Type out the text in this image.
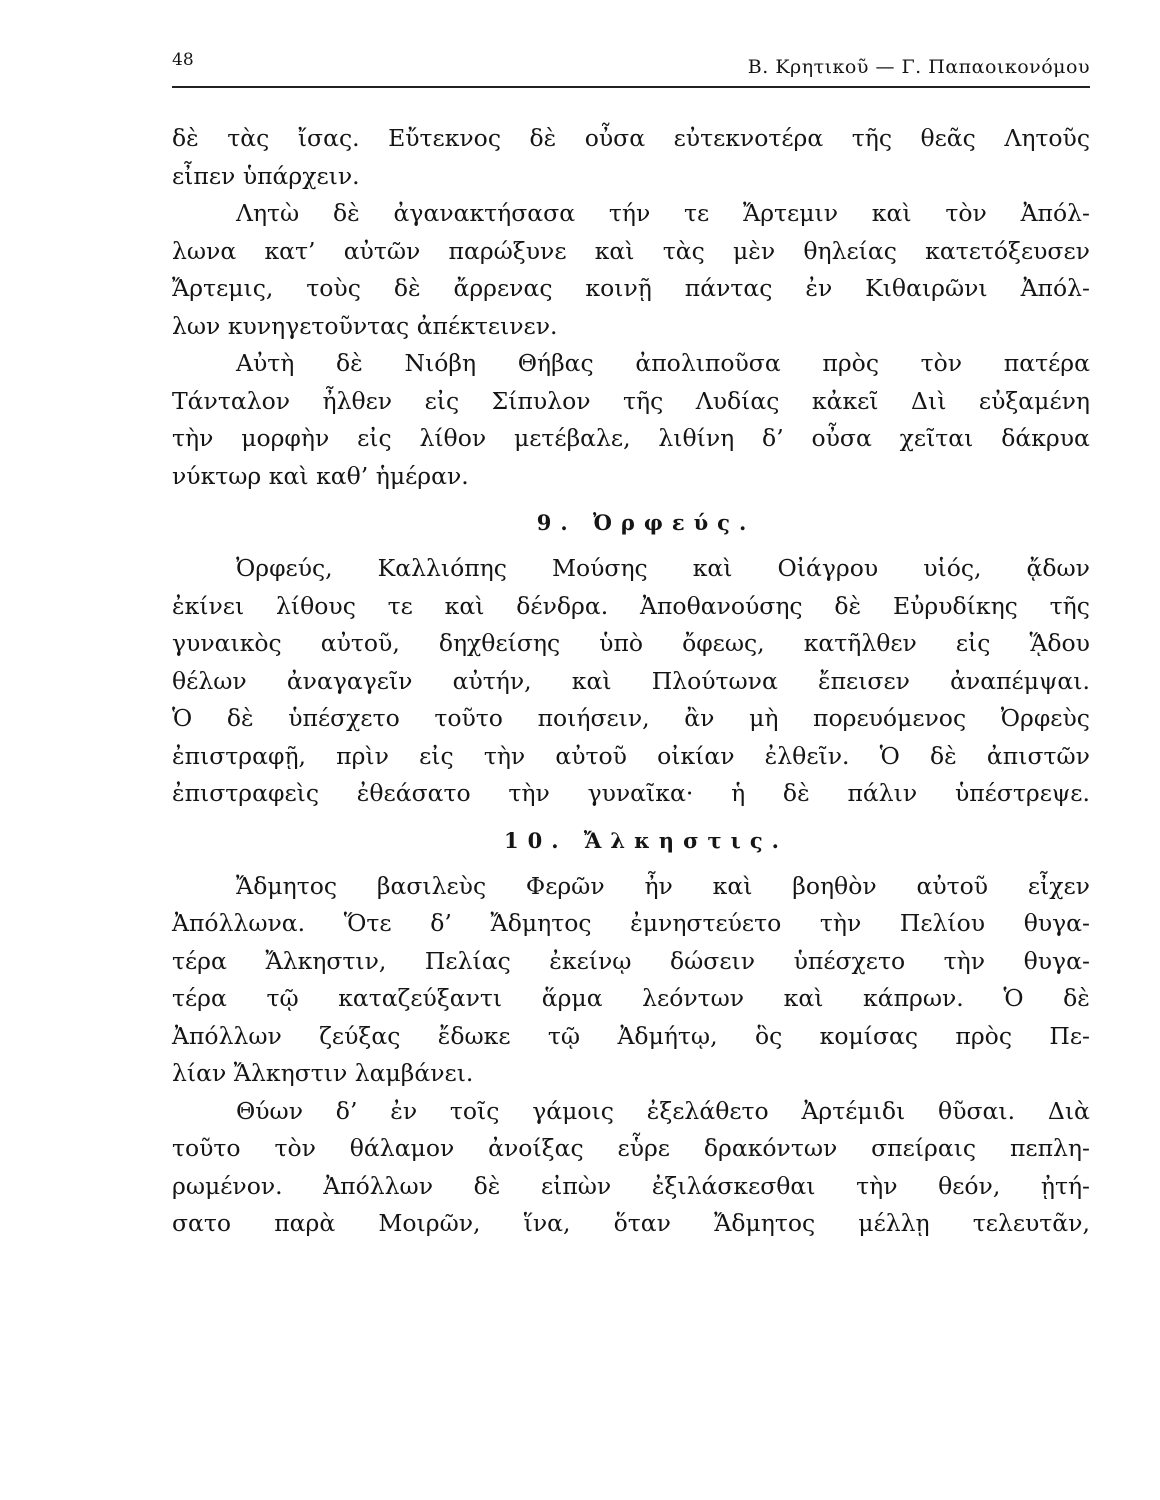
48	Β. Κρητικοῦ — Γ. Παπαοικονόμου
δὲ τὰς ἴσας. Εὔτεκνος δὲ οὖσα εὐτεκνοτέρα τῆς θεᾶς Λητοῦς
εἶπεν ὑπάρχειν.
Λητὼ δὲ ἀγανακτήσασα τήν τε Ἄρτεμιν καὶ τὸν Ἀπόλ-
λωνα κατ’ αὐτῶν παρώξυνε καὶ τὰς μὲν θηλείας κατετόξευσεν
Ἄρτεμις, τοὺς δὲ ἄρρενας κοινῇ πάντας ἐν Κιθαιρῶνι Ἀπόλ-
λων κυνηγετοῦντας ἀπέκτεινεν.
Αὐτὴ δὲ Νιόβη Θήβας ἀπολιποῦσα πρὸς τὸν πατέρα
Τάνταλον ἦλθεν εἰς Σίπυλον τῆς Λυδίας κἀκεῖ Διὶ εὐξαμένη
τὴν μορφὴν εἰς λίθον μετέβαλε, λιθίνη δ’ οὖσα χεῖται δάκρυα
νύκτωρ καὶ καθ’ ἡμέραν.
9. Ὀρφεύς.
Ὀρφεύς, Καλλιόπης Μούσης καὶ Οἰάγρου υἱός, ᾄδων
ἐκίνει λίθους τε καὶ δένδρα. Ἀποθανούσης δὲ Εὐρυδίκης τῆς
γυναικὸς αὐτοῦ, δηχθείσης ὑπὸ ὄφεως, κατῆλθεν εἰς ᾍδου
θέλων ἀναγαγεῖν αὐτήν, καὶ Πλούτωνα ἔπεισεν ἀναπέμψαι.
Ὁ δὲ ὑπέσχετο τοῦτο ποιήσειν, ἂν μὴ πορευόμενος Ὀρφεὺς
ἐπιστραφῇ, πρὶν εἰς τὴν αὐτοῦ οἰκίαν ἐλθεῖν. Ὁ δὲ ἀπιστῶν
ἐπιστραφεὶς ἐθεάσατο τὴν γυναῖκα· ἡ δὲ πάλιν ὑπέστρεψε.
10. Ἄλκηστις.
Ἄδμητος βασιλεὺς Φερῶν ἦν καὶ βοηθὸν αὐτοῦ εἶχεν
Ἀπόλλωνα. Ὅτε δ’ Ἄδμητος ἐμνηστεύετο τὴν Πελίου θυγα-
τέρα Ἄλκηστιν, Πελίας ἐκείνῳ δώσειν ὑπέσχετο τὴν θυγα-
τέρα τῷ καταζεύξαντι ἅρμα λεόντων καὶ κάπρων. Ὁ δὲ
Ἀπόλλων ζεύξας ἔδωκε τῷ Ἀδμήτῳ, ὃς κομίσας πρὸς Πε-
λίαν Ἄλκηστιν λαμβάνει.
Θύων δ’ ἐν τοῖς γάμοις ἐξελάθετο Ἀρτέμιδι θῦσαι. Διὰ
τοῦτο τὸν θάλαμον ἀνοίξας εὗρε δρακόντων σπείραις πεπλη-
ρωμένον. Ἀπόλλων δὲ εἰπὼν ἐξιλάσκεσθαι τὴν θεόν, ᾐτή-
σατο παρὰ Μοιρῶν, ἵνα, ὅταν Ἄδμητος μέλλῃ τελευτᾶν,
